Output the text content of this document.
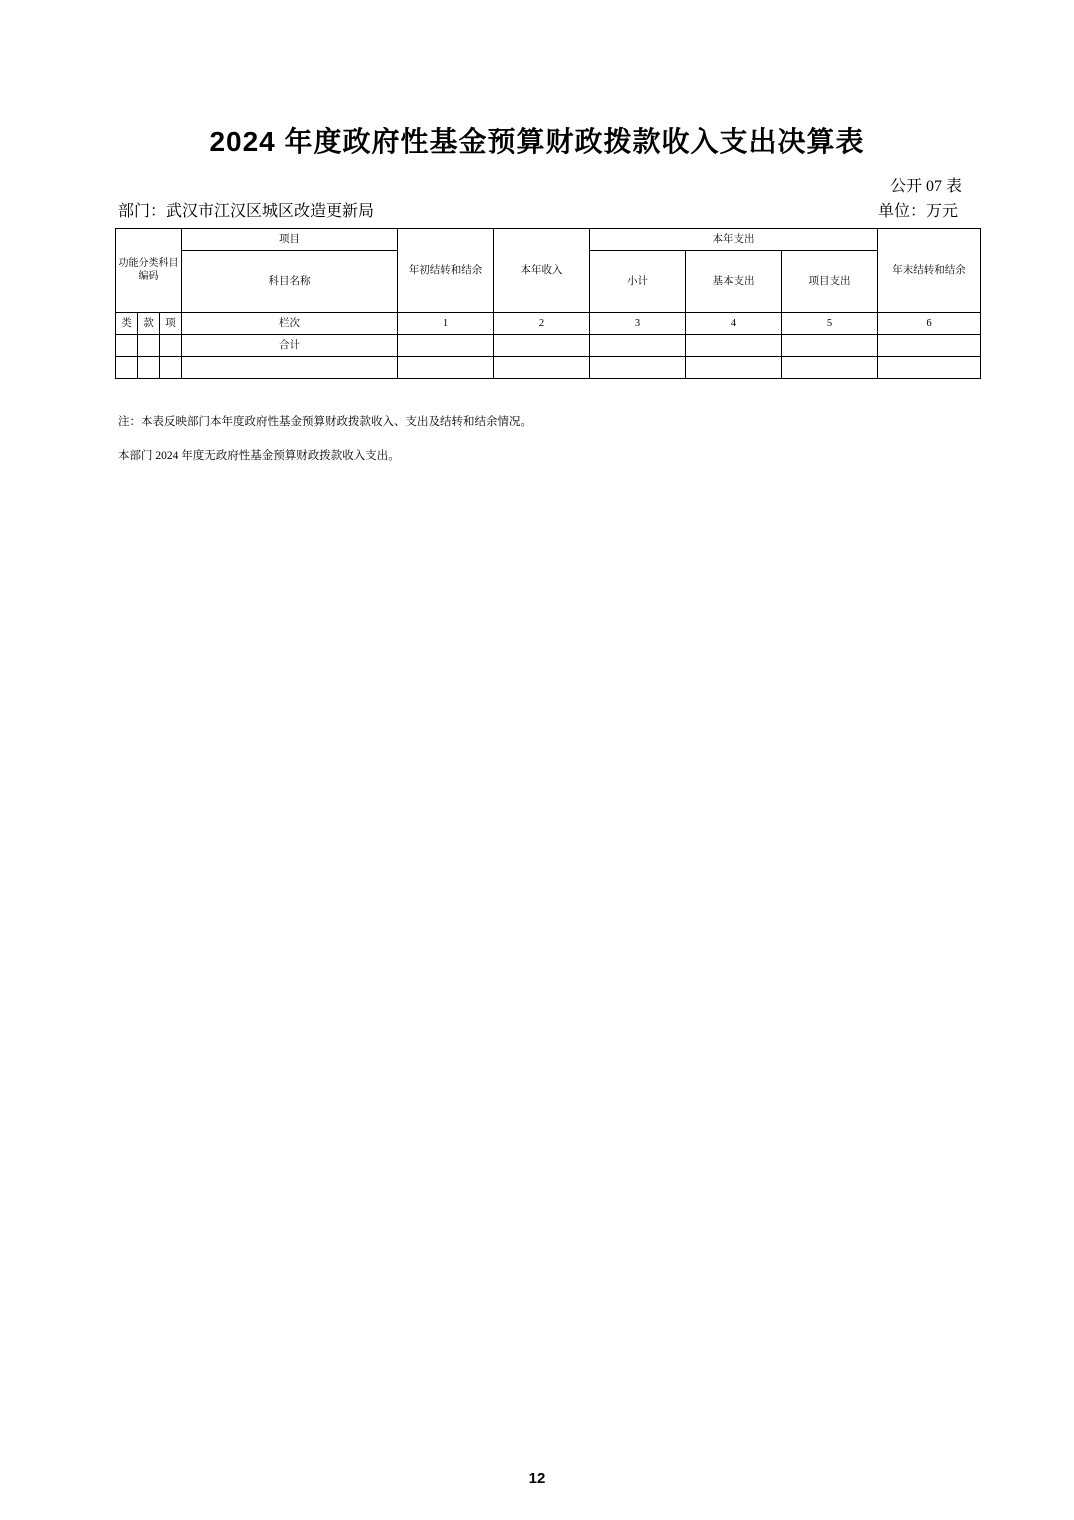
2024 年度政府性基金预算财政拨款收入支出决算表
公开 07 表
部门：武汉市江汉区城区改造更新局	单位：万元
功能分类科目编码			项目	年初结转和结余	本年收入	本年支出			年末结转和结余
			科目名称			小计	基本支出	项目支出	
类	款	项	栏次	1	2	3	4	5	6
			合计						

注：本表反映部门本年度政府性基金预算财政拨款收入、支出及结转和结余情况。
本部门 2024 年度无政府性基金预算财政拨款收入支出。
12
